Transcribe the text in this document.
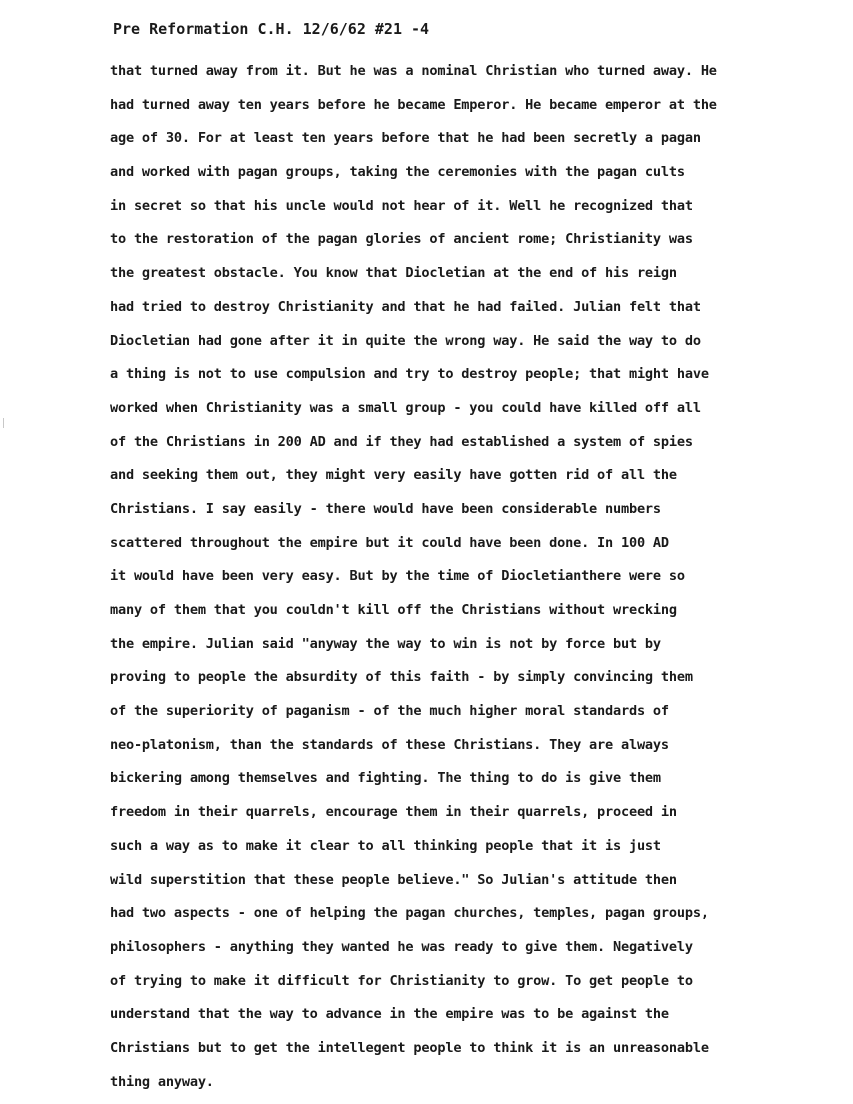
Pre Reformation C.H. 12/6/62 #21 -4
that turned away from it. But he was a nominal Christian who turned away. He
had turned away ten years before he became Emperor. He became emperor at the
age of 30. For at least ten years before that he had been secretly a pagan
and worked with pagan groups, taking the ceremonies with the pagan cults
in secret so that his uncle would not hear of it. Well he recognized that
to the restoration of the pagan glories of ancient rome; Christianity was
the greatest obstacle. You know that Diocletian at the end of his reign
had tried to destroy Christianity and that he had failed. Julian felt that
Diocletian had gone after it in quite the wrong way. He said the way to do
a thing is not to use compulsion and try to destroy people; that might have
worked when Christianity was a small group - you could have killed off all
of the Christians in 200 AD and if they had established a system of spies
and seeking them out, they might very easily have gotten rid of all the
Christians. I say easily - there would have been considerable numbers
scattered throughout the empire but it could have been done. In 100 AD
it would have been very easy. But by the time of Diocletianthere were so
many of them that you couldn't kill off the Christians without wrecking
the empire. Julian said "anyway the way to win is not by force but by
proving to people the absurdity of this faith - by simply convincing them
of the superiority of paganism - of the much higher moral standards of
neo-platonism, than the standards of these Christians. They are always
bickering among themselves and fighting. The thing to do is give them
freedom in their quarrels, encourage them in their quarrels, proceed in
such a way as to make it clear to all thinking people that it is just
wild superstition that these people believe." So Julian's attitude then
had two aspects - one of helping the pagan churches, temples, pagan groups,
philosophers - anything they wanted he was ready to give them. Negatively
of trying to make it difficult for Christianity to grow. To get people to
understand that the way to advance in the empire was to be against the
Christians but to get the intellegent people to think it is an unreasonable
thing anyway.
